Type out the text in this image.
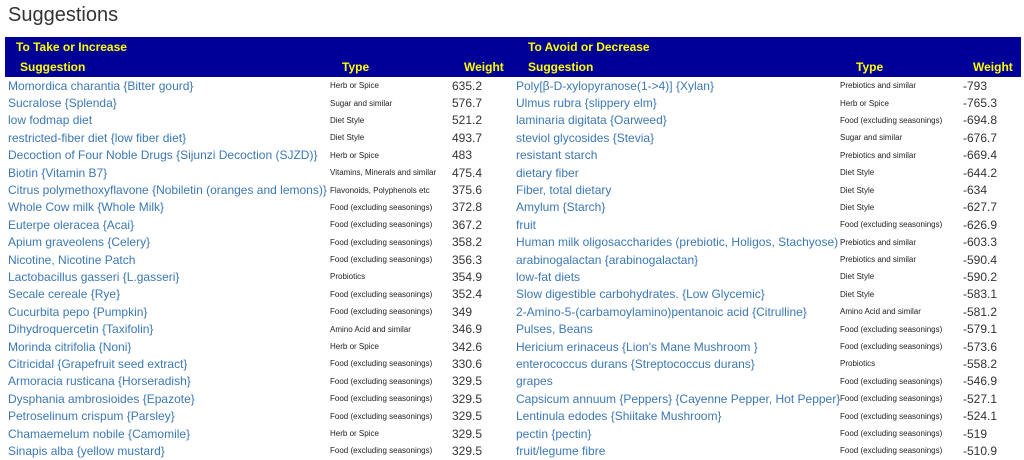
Suggestions
To Take or Increase
Suggestion	Type	Weight
Momordica charantia {Bitter gourd}	Herb or Spice	635.2
Sucralose {Splenda}	Sugar and similar	576.7
low fodmap diet	Diet Style	521.2
restricted-fiber diet {low fiber diet}	Diet Style	493.7
Decoction of Four Noble Drugs {Sijunzi Decoction (SJZD)}	Herb or Spice	483
Biotin {Vitamin B7}	Vitamins, Minerals and similar	475.4
Citrus polymethoxyflavone {Nobiletin (oranges and lemons)}	Flavonoids, Polyphenols etc	375.6
Whole Cow milk {Whole Milk}	Food (excluding seasonings)	372.8
Euterpe oleracea {Acai}	Food (excluding seasonings)	367.2
Apium graveolens {Celery}	Food (excluding seasonings)	358.2
Nicotine, Nicotine Patch	Food (excluding seasonings)	356.3
Lactobacillus gasseri {L.gasseri}	Probiotics	354.9
Secale cereale {Rye}	Food (excluding seasonings)	352.4
Cucurbita pepo {Pumpkin}	Food (excluding seasonings)	349
Dihydroquercetin {Taxifolin}	Amino Acid and similar	346.9
Morinda citrifolia {Noni}	Herb or Spice	342.6
Citricidal {Grapefruit seed extract}	Food (excluding seasonings)	330.6
Armoracia rusticana {Horseradish}	Food (excluding seasonings)	329.5
Dysphania ambrosioides {Epazote}	Food (excluding seasonings)	329.5
Petroselinum crispum {Parsley}	Food (excluding seasonings)	329.5
Chamaemelum nobile {Camomile}	Herb or Spice	329.5
Sinapis alba {yellow mustard}	Food (excluding seasonings)	329.5
To Avoid or Decrease
Suggestion	Type	Weight
Poly[β-D-xylopyranose(1->4)] {Xylan}	Prebiotics and similar	-793
Ulmus rubra {slippery elm}	Herb or Spice	-765.3
laminaria digitata {Oarweed}	Food (excluding seasonings)	-694.8
steviol glycosides {Stevia}	Sugar and similar	-676.7
resistant starch	Prebiotics and similar	-669.4
dietary fiber	Diet Style	-644.2
Fiber, total dietary	Diet Style	-634
Amylum {Starch}	Diet Style	-627.7
fruit	Food (excluding seasonings)	-626.9
Human milk oligosaccharides (prebiotic, Holigos, Stachyose)	Prebiotics and similar	-603.3
arabinogalactan {arabinogalactan}	Prebiotics and similar	-590.4
low-fat diets	Diet Style	-590.2
Slow digestible carbohydrates. {Low Glycemic}	Diet Style	-583.1
2-Amino-5-(carbamoylamino)pentanoic acid {Citrulline}	Amino Acid and similar	-581.2
Pulses, Beans	Food (excluding seasonings)	-579.1
Hericium erinaceus {Lion's Mane Mushroom }	Food (excluding seasonings)	-573.6
enterococcus durans {Streptococcus durans}	Probiotics	-558.2
grapes	Food (excluding seasonings)	-546.9
Capsicum annuum {Peppers} {Cayenne Pepper, Hot Pepper}	Food (excluding seasonings)	-527.1
Lentinula edodes {Shiitake Mushroom}	Food (excluding seasonings)	-524.1
pectin {pectin}	Food (excluding seasonings)	-519
fruit/legume fibre	Food (excluding seasonings)	-510.9
